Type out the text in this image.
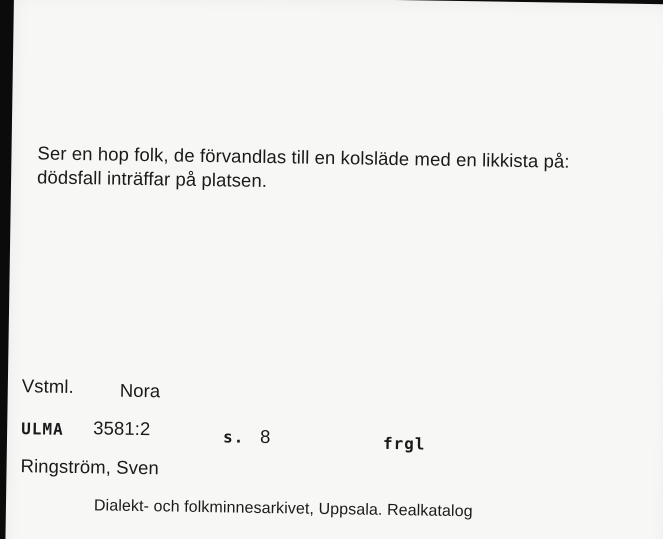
Ser en hop folk, de förvandlas till en kolsläde med en likkista på:
dödsfall inträffar på platsen.
Vstml. Nora
ULMA 3581:2	s. 8	frgl
Ringström, Sven
Dialekt- och folkminnesarkivet, Uppsala. Realkatalog
